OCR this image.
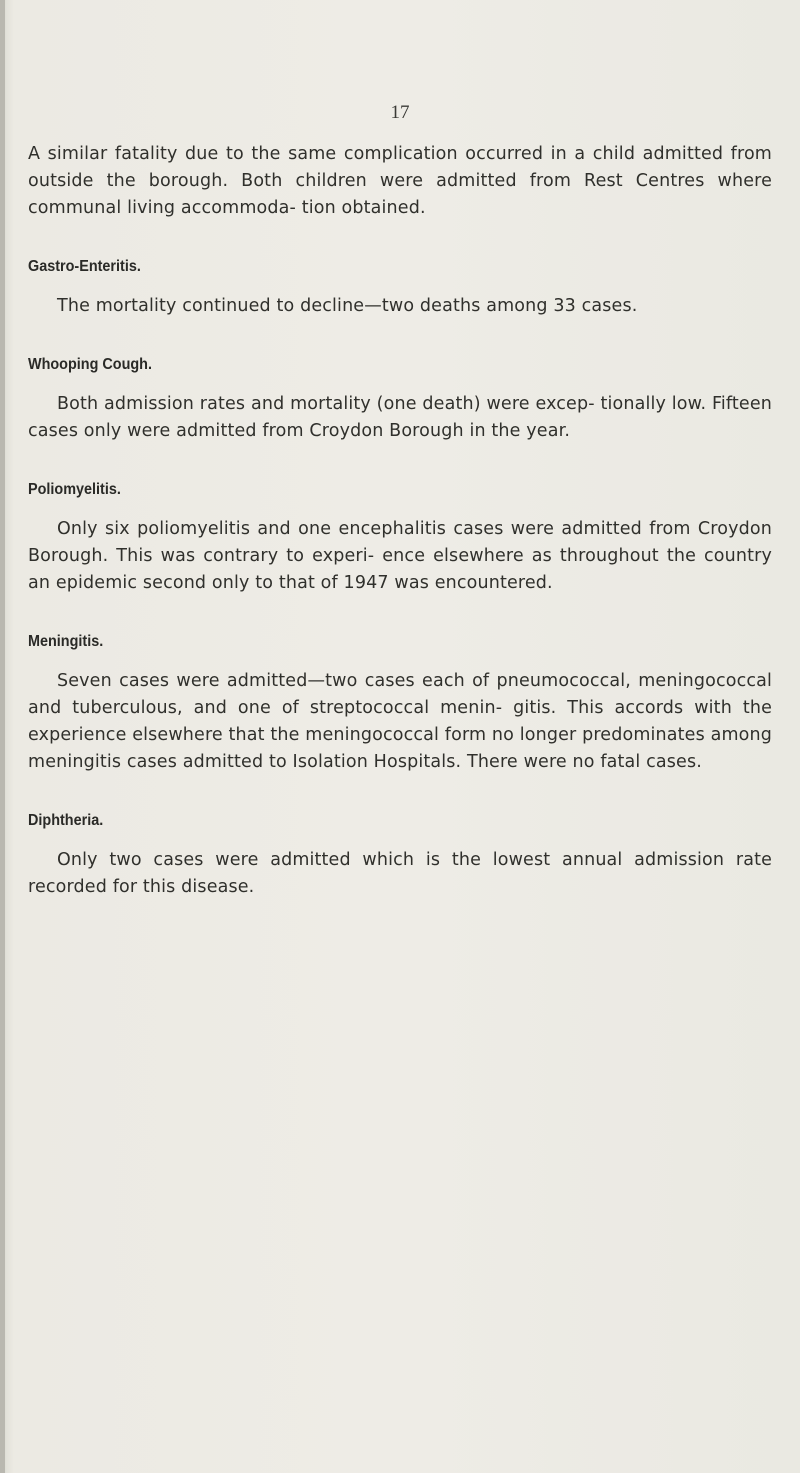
17

A similar fatality due to the same complication occurred in a child admitted from outside the borough. Both children were admitted from Rest Centres where communal living accommoda- tion obtained.

Gastro-Enteritis.

The mortality continued to decline—two deaths among 33 cases.

Whooping Cough.

Both admission rates and mortality (one death) were excep- tionally low. Fifteen cases only were admitted from Croydon Borough in the year.

Poliomyelitis.

Only six poliomyelitis and one encephalitis cases were admitted from Croydon Borough. This was contrary to experi- ence elsewhere as throughout the country an epidemic second only to that of 1947 was encountered.

Meningitis.

Seven cases were admitted—two cases each of pneumococcal, meningococcal and tuberculous, and one of streptococcal menin- gitis. This accords with the experience elsewhere that the meningococcal form no longer predominates among meningitis cases admitted to Isolation Hospitals. There were no fatal cases.

Diphtheria.

Only two cases were admitted which is the lowest annual admission rate recorded for this disease.
